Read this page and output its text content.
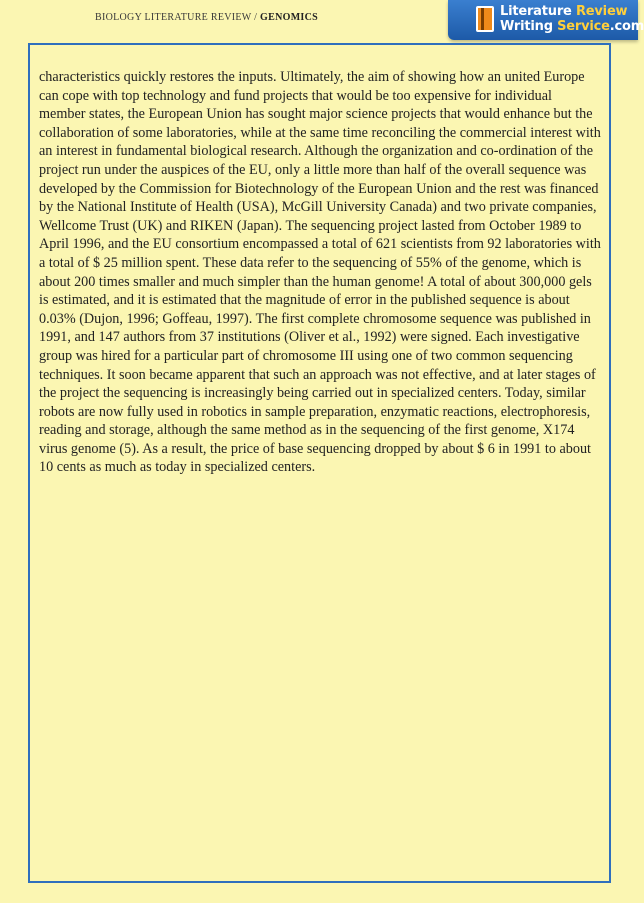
BIOLOGY LITERATURE REVIEW / GENOMICS	Literature Review
Writing Service.com

characteristics quickly restores the inputs. Ultimately, the aim of showing how an united Europe can cope with top technology and fund projects that would be too expensive for individual member states, the European Union has sought major science projects that would enhance but the collaboration of some laboratories, while at the same time reconciling the commercial interest with an interest in fundamental biological research. Although the organization and co-ordination of the project run under the auspices of the EU, only a little more than half of the overall sequence was developed by the Commission for Biotechnology of the European Union and the rest was financed by the National Institute of Health (USA), McGill University Canada) and two private companies, Wellcome Trust (UK) and RIKEN (Japan). The sequencing project lasted from October 1989 to April 1996, and the EU consortium encompassed a total of 621 scientists from 92 laboratories with a total of $ 25 million spent. These data refer to the sequencing of 55% of the genome, which is about 200 times smaller and much simpler than the human genome! A total of about 300,000 gels is estimated, and it is estimated that the magnitude of error in the published sequence is about 0.03% (Dujon, 1996; Goffeau, 1997). The first complete chromosome sequence was published in 1991, and 147 authors from 37 institutions (Oliver et al., 1992) were signed. Each investigative group was hired for a particular part of chromosome III using one of two common sequencing techniques. It soon became apparent that such an approach was not effective, and at later stages of the project the sequencing is increasingly being carried out in specialized centers. Today, similar robots are now fully used in robotics in sample preparation, enzymatic reactions, electrophoresis, reading and storage, although the same method as in the sequencing of the first genome, X174 virus genome (5). As a result, the price of base sequencing dropped by about $ 6 in 1991 to about 10 cents as much as today in specialized centers.
